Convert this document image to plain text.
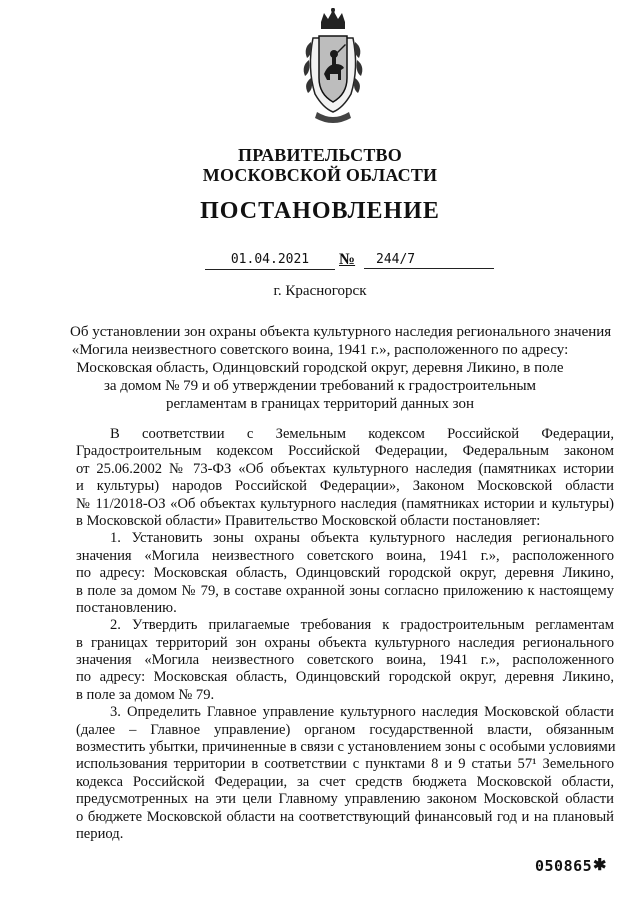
ПРАВИТЕЛЬСТВО
МОСКОВСКОЙ ОБЛАСТИ
ПОСТАНОВЛЕНИЕ
01.04.2021	№	244/7
г. Красногорск
Об установлении зон охраны объекта культурного наследия регионального значения
«Могила неизвестного советского воина, 1941 г.», расположенного по адресу:
Московская область, Одинцовский городской округ, деревня Ликино, в поле
за домом № 79 и об утверждении требований к градостроительным
регламентам в границах территорий данных зон
В соответствии с Земельным кодексом Российской Федерации,
Градостроительным кодексом Российской Федерации, Федеральным законом
от 25.06.2002 № 73-ФЗ «Об объектах культурного наследия (памятниках истории
и культуры) народов Российской Федерации», Законом Московской области
№ 11/2018-ОЗ «Об объектах культурного наследия (памятниках истории и культуры)
в Московской области» Правительство Московской области постановляет:
1. Установить зоны охраны объекта культурного наследия регионального
значения «Могила неизвестного советского воина, 1941 г.», расположенного
по адресу: Московская область, Одинцовский городской округ, деревня Ликино,
в поле за домом № 79, в составе охранной зоны согласно приложению к настоящему
постановлению.
2. Утвердить прилагаемые требования к градостроительным регламентам
в границах территорий зон охраны объекта культурного наследия регионального
значения «Могила неизвестного советского воина, 1941 г.», расположенного
по адресу: Московская область, Одинцовский городской округ, деревня Ликино,
в поле за домом № 79.
3. Определить Главное управление культурного наследия Московской области
(далее – Главное управление) органом государственной власти, обязанным
возместить убытки, причиненные в связи с установлением зоны с особыми условиями
использования территории в соответствии с пунктами 8 и 9 статьи 57¹ Земельного
кодекса Российской Федерации, за счет средств бюджета Московской области,
предусмотренных на эти цели Главному управлению законом Московской области
о бюджете Московской области на соответствующий финансовый год и на плановый
период.
050865 ✱
